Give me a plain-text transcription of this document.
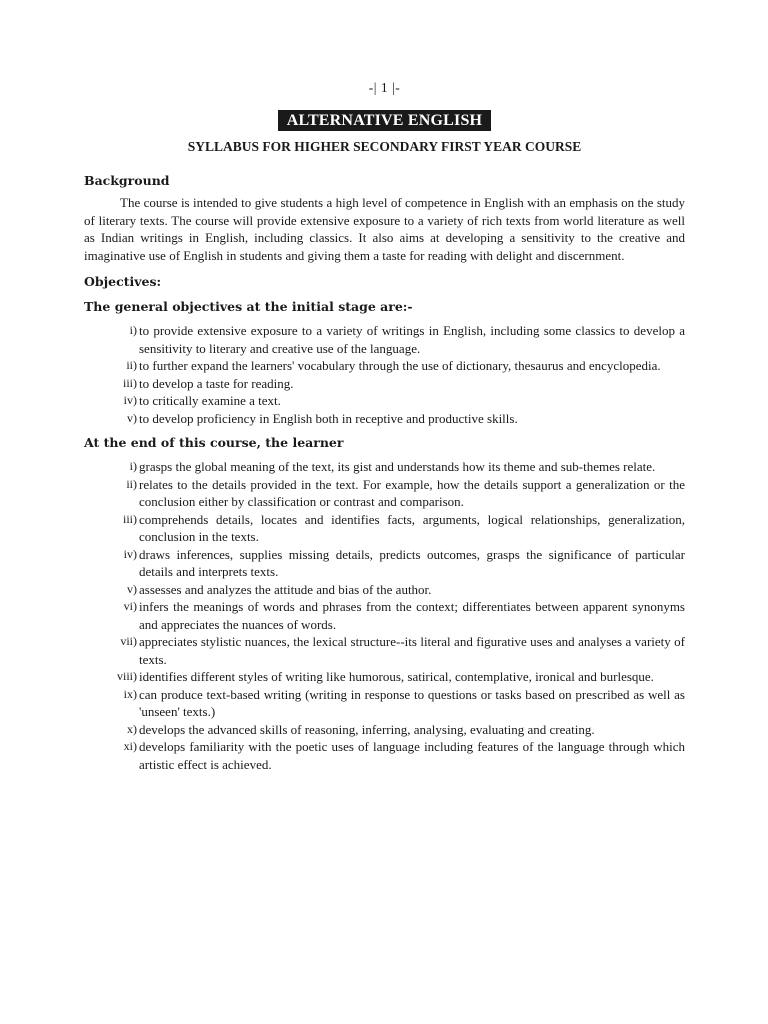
-| 1 |-
ALTERNATIVE ENGLISH
SYLLABUS FOR HIGHER SECONDARY FIRST YEAR COURSE
Background

The course is intended to give students a high level of competence in English with an emphasis on the study of literary texts. The course will provide extensive exposure to a variety of rich texts from world literature as well as Indian writings in English, including classics. It also aims at developing a sensitivity to the creative and imaginative use of English in students and giving them a taste for reading with delight and discernment.

Objectives:
The general objectives at the initial stage are:-
i) to provide extensive exposure to a variety of writings in English, including some classics to develop a sensitivity to literary and creative use of the language.
ii) to further expand the learners' vocabulary through the use of dictionary, thesaurus and encyclopedia.
iii) to develop a taste for reading.
iv) to critically examine a text.
v) to develop proficiency in English both in receptive and productive skills.
At the end of this course, the learner
i) grasps the global meaning of the text, its gist and understands how its theme and sub-themes relate.
ii) relates to the details provided in the text. For example, how the details support a generalization or the conclusion either by classification or contrast and comparison.
iii) comprehends details, locates and identifies facts, arguments, logical relationships, generalization, conclusion in the texts.
iv) draws inferences, supplies missing details, predicts outcomes, grasps the significance of particular details and interprets texts.
v) assesses and analyzes the attitude and bias of the author.
vi) infers the meanings of words and phrases from the context; differentiates between apparent synonyms and appreciates the nuances of words.
vii) appreciates stylistic nuances, the lexical structure--its literal and figurative uses and analyses a variety of texts.
viii) identifies different styles of writing like humorous, satirical, contemplative, ironical and burlesque.
ix) can produce text-based writing (writing in response to questions or tasks based on prescribed as well as 'unseen' texts.)
x) develops the advanced skills of reasoning, inferring, analysing, evaluating and creating.
xi) develops familiarity with the poetic uses of language including features of the language through which artistic effect is achieved.
